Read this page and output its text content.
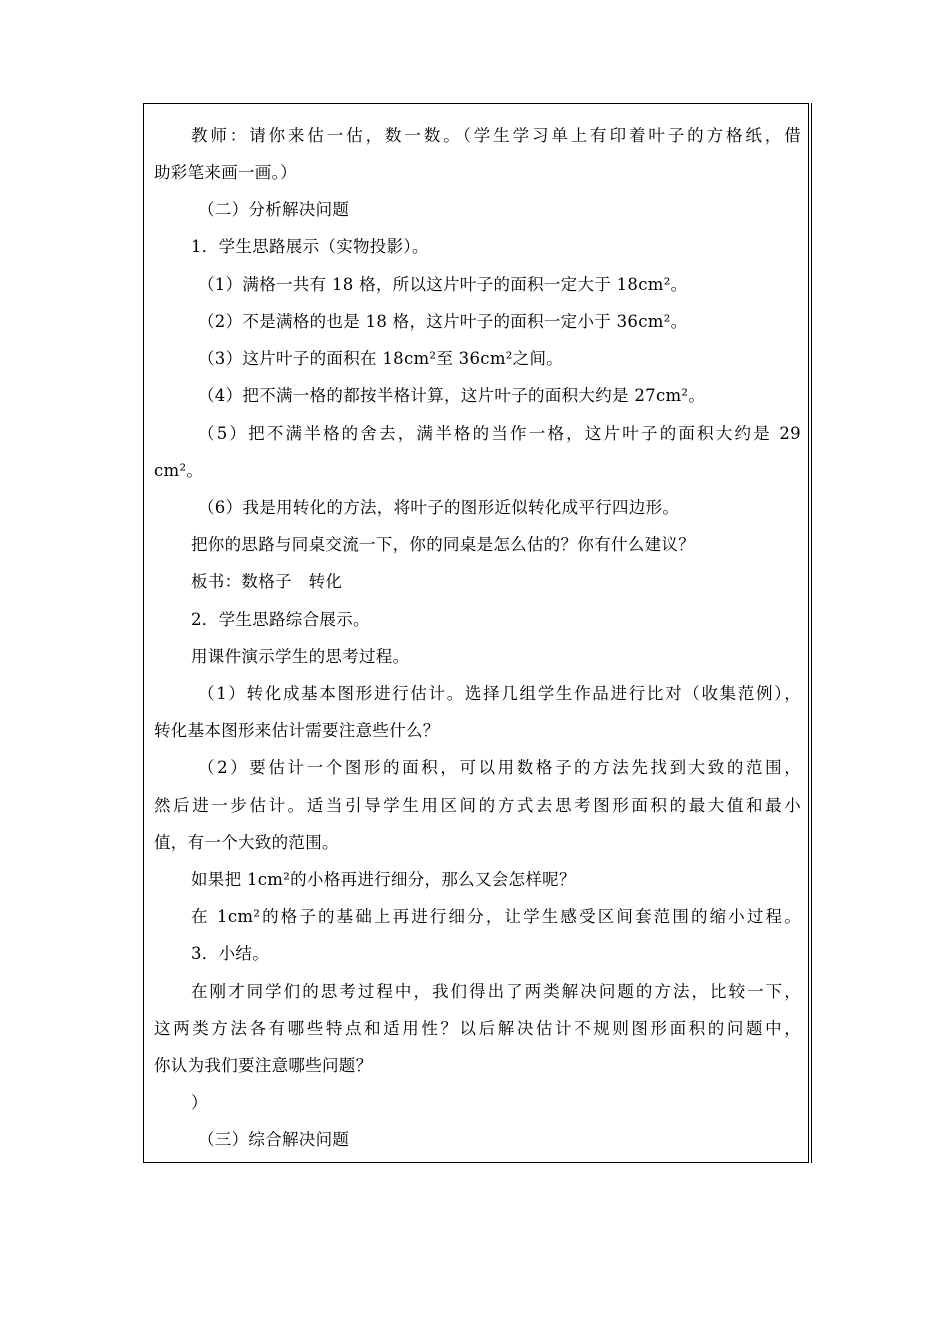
教师：请你来估一估，数一数。（学生学习单上有印着叶子的方格纸，借
助彩笔来画一画。）
（二）分析解决问题
1．学生思路展示（实物投影）。
（1）满格一共有 18 格，所以这片叶子的面积一定大于 18cm²。
（2）不是满格的也是 18 格，这片叶子的面积一定小于 36cm²。
（3）这片叶子的面积在 18cm²至 36cm²之间。
（4）把不满一格的都按半格计算，这片叶子的面积大约是 27cm²。
（5）把不满半格的舍去，满半格的当作一格，这片叶子的面积大约是 29
cm²。
（6）我是用转化的方法，将叶子的图形近似转化成平行四边形。
把你的思路与同桌交流一下，你的同桌是怎么估的？你有什么建议？
板书：数格子　转化
2．学生思路综合展示。
用课件演示学生的思考过程。
（1）转化成基本图形进行估计。选择几组学生作品进行比对（收集范例），
转化基本图形来估计需要注意些什么？
（2）要估计一个图形的面积，可以用数格子的方法先找到大致的范围，
然后进一步估计。适当引导学生用区间的方式去思考图形面积的最大值和最小
值，有一个大致的范围。
如果把 1cm²的小格再进行细分，那么又会怎样呢？
在 1cm²的格子的基础上再进行细分，让学生感受区间套范围的缩小过程。
3．小结。
在刚才同学们的思考过程中，我们得出了两类解决问题的方法，比较一下，
这两类方法各有哪些特点和适用性？以后解决估计不规则图形面积的问题中，
你认为我们要注意哪些问题？
）
（三）综合解决问题
